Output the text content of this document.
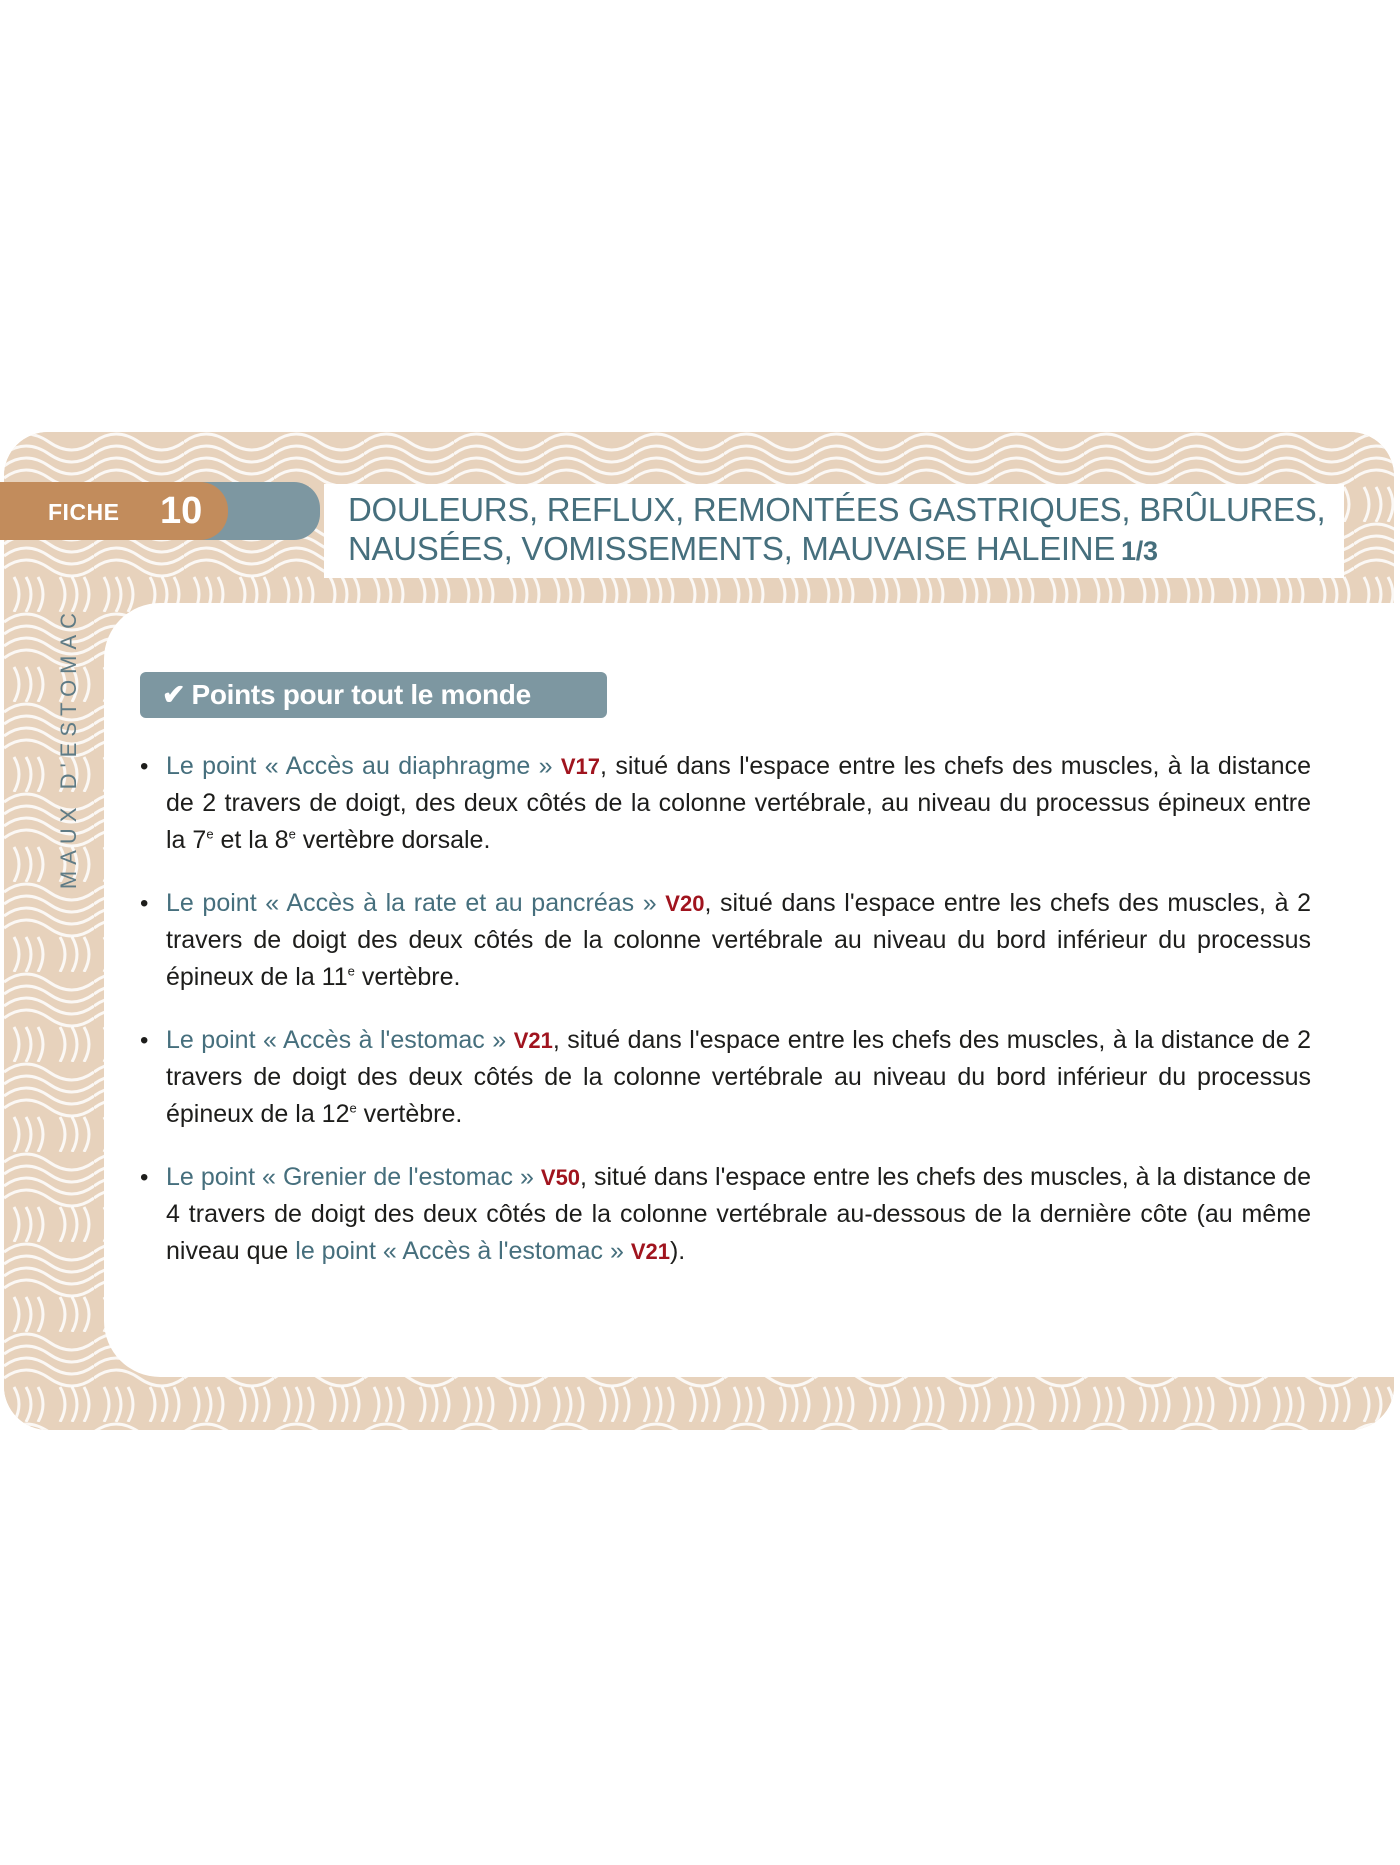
FICHE 10	DOULEURS, REFLUX, REMONTÉES GASTRIQUES, BRÛLURES,
NAUSÉES, VOMISSEMENTS, MAUVAISE HALEINE 1/3
MAUX D'ESTOMAC	✔ Points pour tout le monde
• Le point « Accès au diaphragme » V17, situé dans l'espace entre les chefs des muscles, à la distance de 2 travers de doigt, des deux côtés de la colonne vertébrale, au niveau du processus épineux entre la 7e et la 8e vertèbre dorsale.
• Le point « Accès à la rate et au pancréas » V20, situé dans l'espace entre les chefs des muscles, à 2 travers de doigt des deux côtés de la colonne vertébrale au niveau du bord inférieur du processus épineux de la 11e vertèbre.
• Le point « Accès à l'estomac » V21, situé dans l'espace entre les chefs des muscles, à la distance de 2 travers de doigt des deux côtés de la colonne vertébrale au niveau du bord inférieur du processus épineux de la 12e vertèbre.
• Le point « Grenier de l'estomac » V50, situé dans l'espace entre les chefs des muscles, à la distance de 4 travers de doigt des deux côtés de la colonne vertébrale au-dessous de la dernière côte (au même niveau que le point « Accès à l'estomac » V21).
